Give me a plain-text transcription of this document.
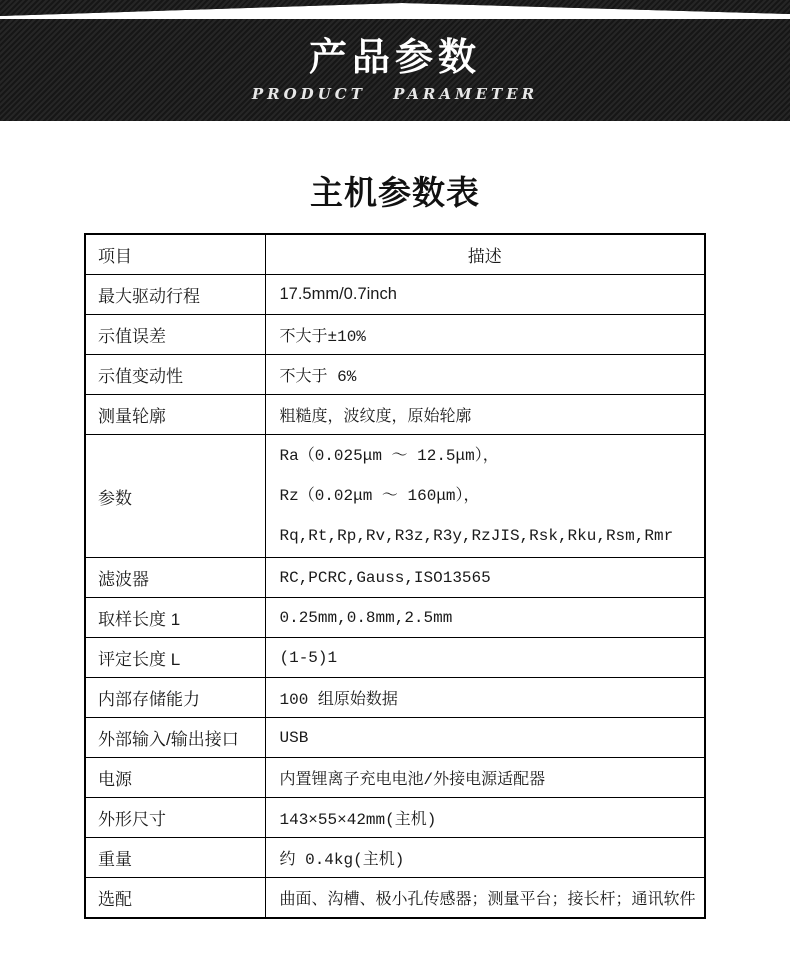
产品参数
PRODUCT PARAMETER
主机参数表
项目	描述
最大驱动行程	17.5mm/0.7inch
示值误差	不大于±10%
示值变动性	不大于 6%
测量轮廓	粗糙度，波纹度，原始轮廓
参数	Ra（0.025μm ～ 12.5μm），
Rz（0.02μm ～ 160μm），
Rq,Rt,Rp,Rv,R3z,R3y,RzJIS,Rsk,Rku,Rsm,Rmr

滤波器	RC,PCRC,Gauss,ISO13565
取样长度 1	0.25mm,0.8mm,2.5mm
评定长度 L	(1-5)1
内部存储能力	100 组原始数据
外部输入/输出接口	USB
电源	内置锂离子充电电池/外接电源适配器
外形尺寸	143×55×42mm(主机)
重量	约 0.4kg(主机)
选配	曲面、沟槽、极小孔传感器；测量平台；接长杆；通讯软件
